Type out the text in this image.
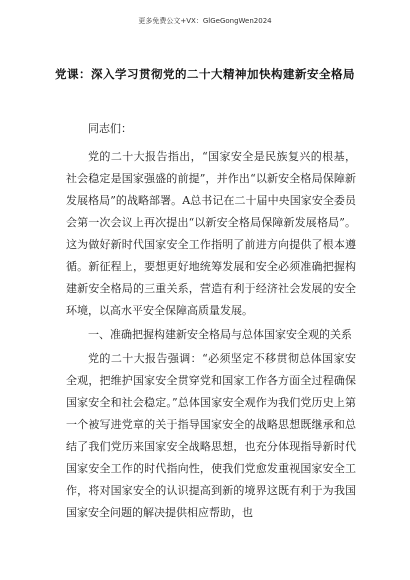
更多免费公文+VX：GlGeGongWen2024
党课：深入学习贯彻党的二十大精神加快构建新安全格局

同志们：

党的二十大报告指出，“国家安全是民族复兴的根基，社会稳定是国家强盛的前提”，并作出“以新安全格局保障新发展格局”的战略部署。A总书记在二十届中央国家安全委员会第一次会议上再次提出“以新安全格局保障新发展格局”。这为做好新时代国家安全工作指明了前进方向提供了根本遵循。新征程上，要想更好地统筹发展和安全必须准确把握构建新安全格局的三重关系，营造有利于经济社会发展的安全环境，以高水平安全保障高质量发展。

一、准确把握构建新安全格局与总体国家安全观的关系

党的二十大报告强调：“必须坚定不移贯彻总体国家安全观，把维护国家安全贯穿党和国家工作各方面全过程确保国家安全和社会稳定。”总体国家安全观作为我们党历史上第一个被写进党章的关于指导国家安全的战略思想既继承和总结了我们党历来国家安全战略思想，也充分体现指导新时代国家安全工作的时代指向性，使我们党愈发重视国家安全工作，将对国家安全的认识提高到新的境界这既有利于为我国国家安全问题的解决提供相应帮助，也
